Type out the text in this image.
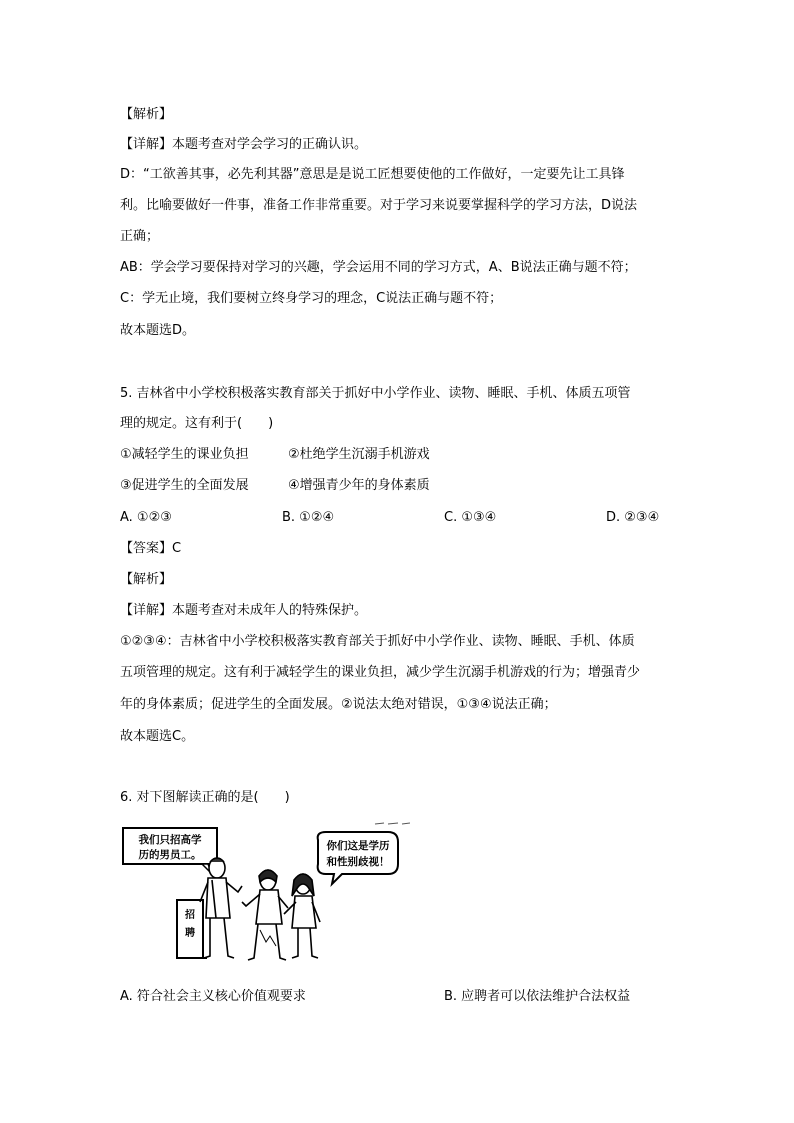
【解析】
【详解】本题考查对学会学习的正确认识。
D：“工欲善其事，必先利其器”意思是是说工匠想要使他的工作做好，一定要先让工具锋
利。比喻要做好一件事，准备工作非常重要。对于学习来说要掌握科学的学习方法，D说法
正确；
AB：学会学习要保持对学习的兴趣，学会运用不同的学习方式，A、B说法正确与题不符；
C：学无止境，我们要树立终身学习的理念，C说法正确与题不符；
故本题选D。
5. 吉林省中小学校积极落实教育部关于抓好中小学作业、读物、睡眠、手机、体质五项管
理的规定。这有利于(　　)
①减轻学生的课业负担	②杜绝学生沉溺手机游戏
③促进学生的全面发展	④增强青少年的身体素质
A. ①②③	B. ①②④	C. ①③④	D. ②③④
【答案】C
【解析】
【详解】本题考查对未成年人的特殊保护。
①②③④：吉林省中小学校积极落实教育部关于抓好中小学作业、读物、睡眠、手机、体质
五项管理的规定。这有利于减轻学生的课业负担，减少学生沉溺手机游戏的行为；增强青少
年的身体素质；促进学生的全面发展。②说法太绝对错误，①③④说法正确；
故本题选C。
6. 对下图解读正确的是(　　)
我们只招高学
历的男员工。
你们这是学历
和性别歧视！
招
聘
A. 符合社会主义核心价值观要求	B. 应聘者可以依法维护合法权益
